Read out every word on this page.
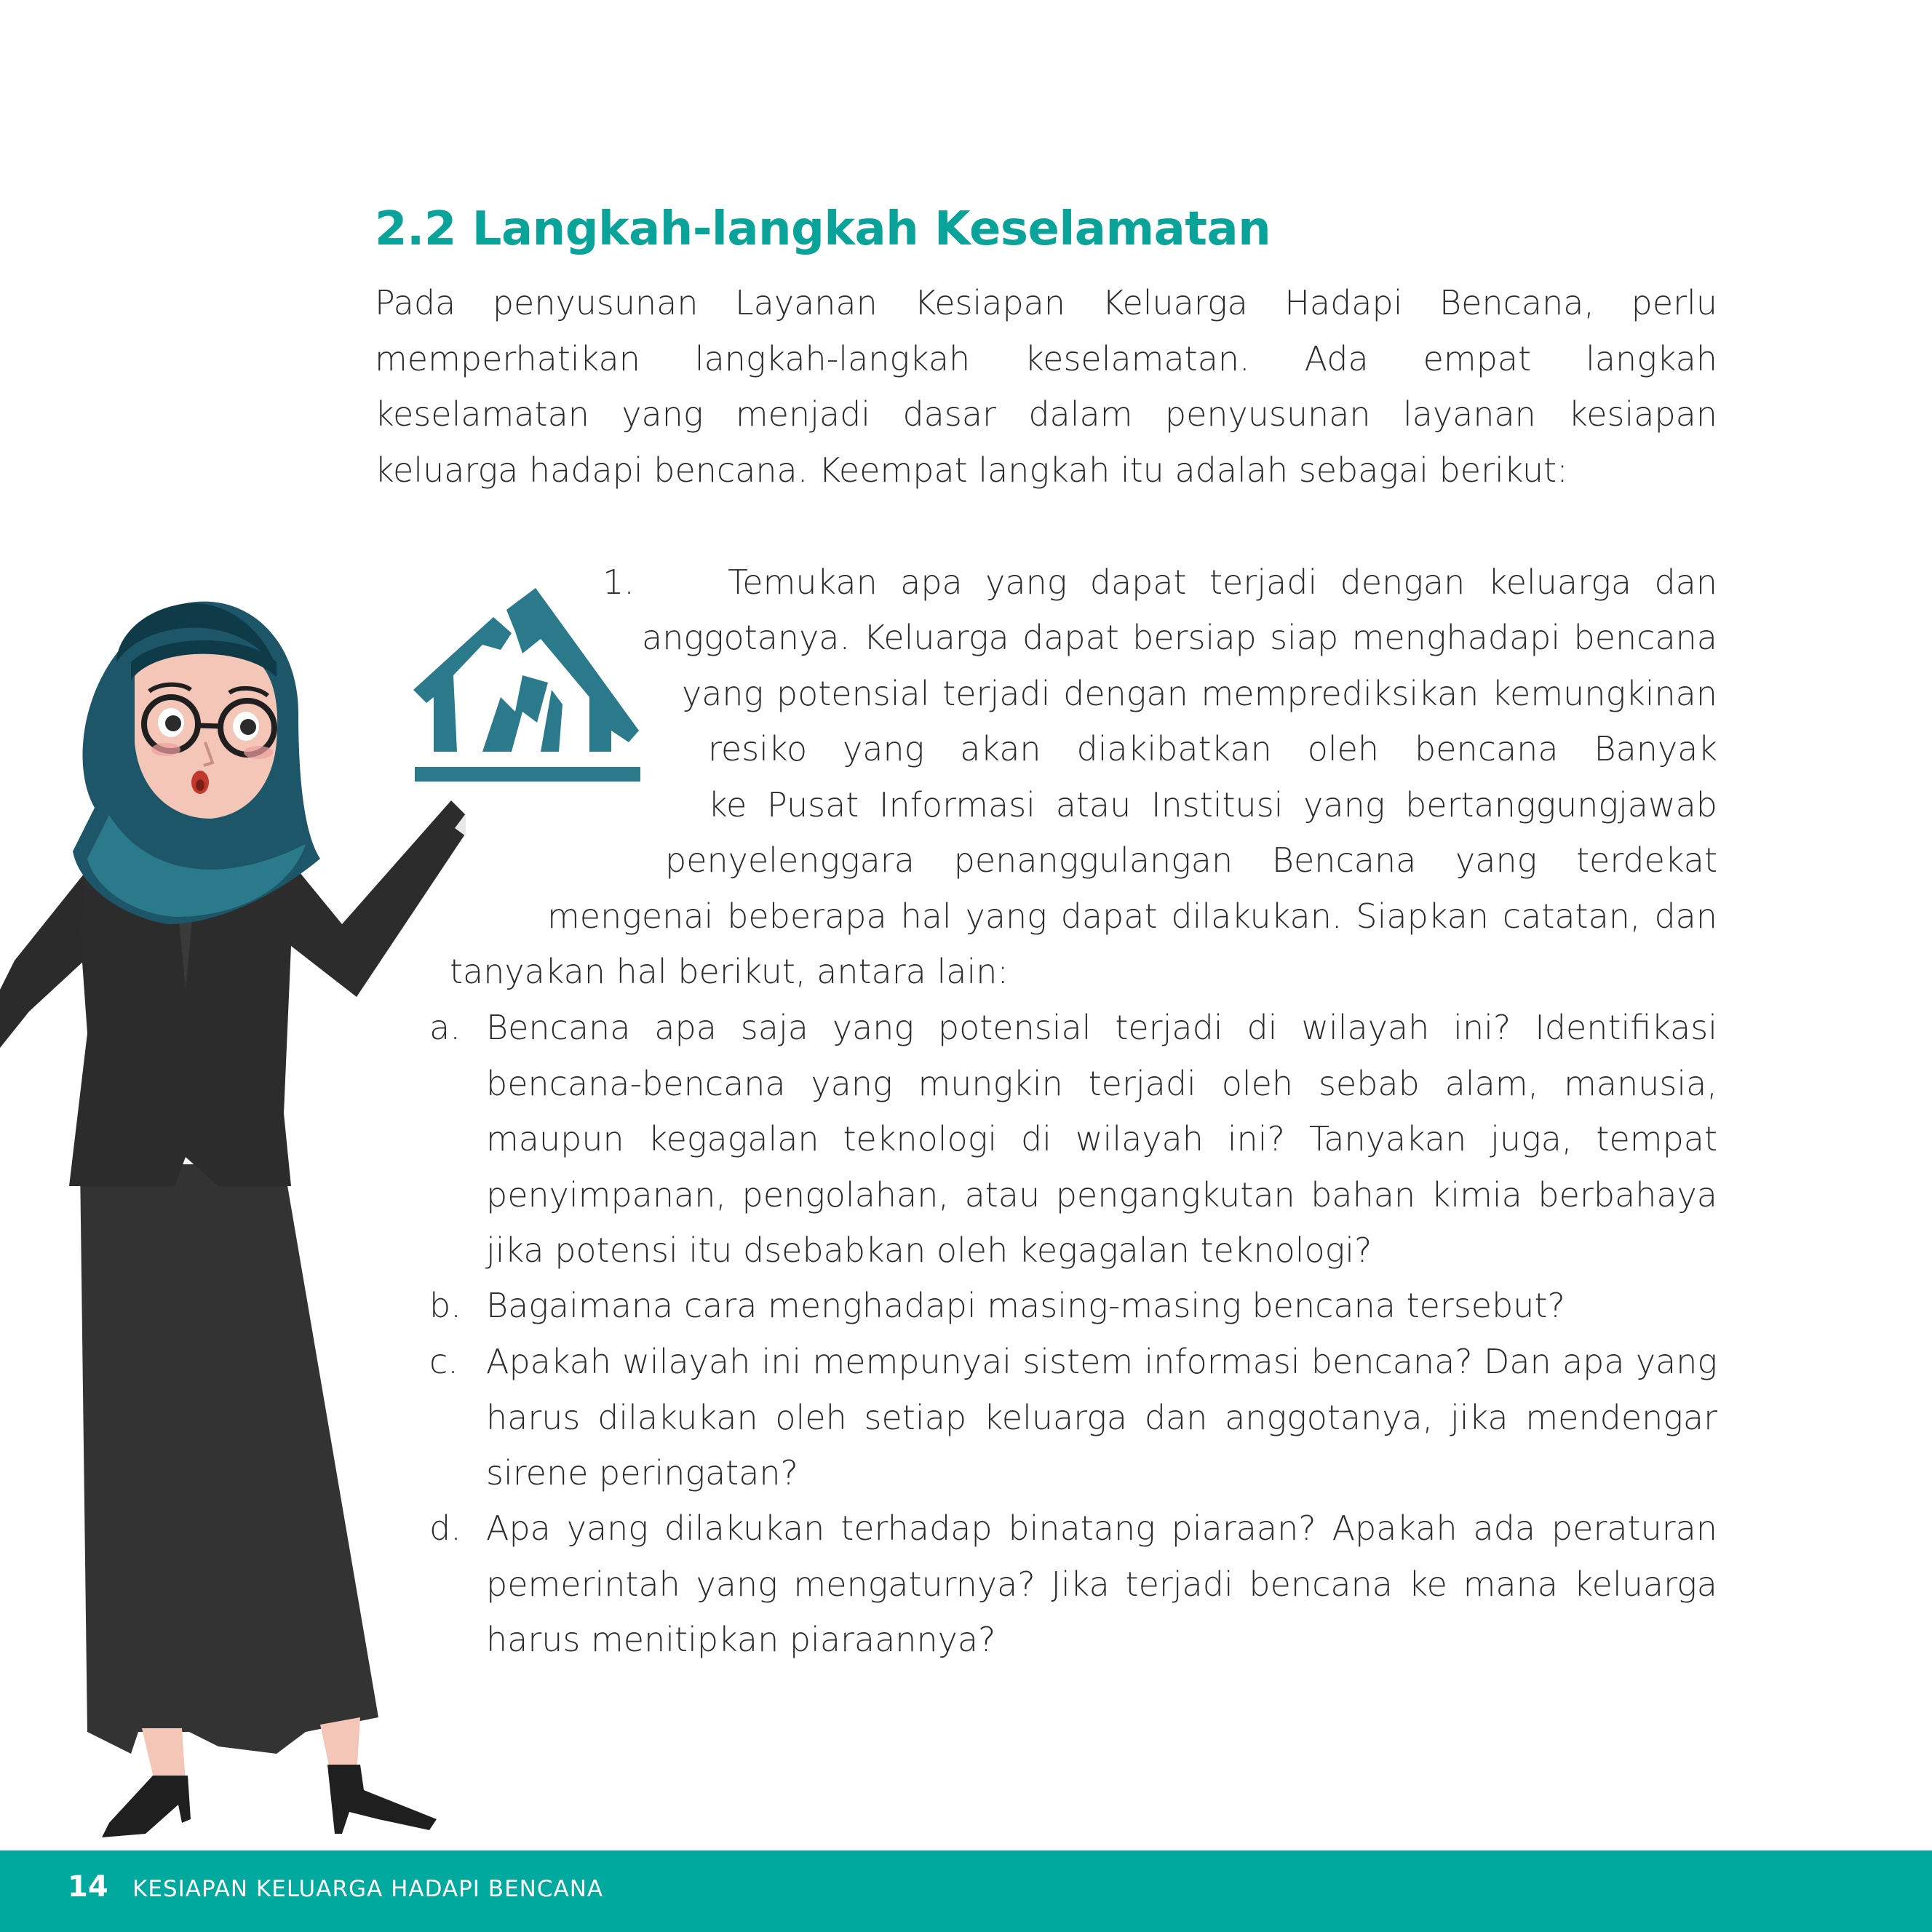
2.2 Langkah-langkah Keselamatan

Pada penyusunan Layanan Kesiapan Keluarga Hadapi Bencana, perlu memperhatikan langkah-langkah keselamatan. Ada empat langkah keselamatan yang menjadi dasar dalam penyusunan layanan kesiapan keluarga hadapi bencana. Keempat langkah itu adalah sebagai berikut:

1.	Temukan apa yang dapat terjadi dengan keluarga dan
anggotanya. Keluarga dapat bersiap siap menghadapi bencana
yang potensial terjadi dengan memprediksikan kemungkinan
resiko yang akan diakibatkan oleh bencana Banyak
ke Pusat Informasi atau Institusi yang bertanggungjawab
penyelenggara penanggulangan Bencana yang terdekat
mengenai beberapa hal yang dapat dilakukan. Siapkan catatan, dan
tanyakan hal berikut, antara lain:
a. Bencana apa saja yang potensial terjadi di wilayah ini? Identifikasi bencana-bencana yang mungkin terjadi oleh sebab alam, manusia, maupun kegagalan teknologi di wilayah ini? Tanyakan juga, tempat penyimpanan, pengolahan, atau pengangkutan bahan kimia berbahaya jika potensi itu dsebabkan oleh kegagalan teknologi?

b. Bagaimana cara menghadapi masing-masing bencana tersebut?

c. Apakah wilayah ini mempunyai sistem informasi bencana? Dan apa yang harus dilakukan oleh setiap keluarga dan anggotanya, jika mendengar sirene peringatan?

d. Apa yang dilakukan terhadap binatang piaraan? Apakah ada peraturan pemerintah yang mengaturnya? Jika terjadi bencana ke mana keluarga harus menitipkan piaraannya?

14 KESIAPAN KELUARGA HADAPI BENCANA
